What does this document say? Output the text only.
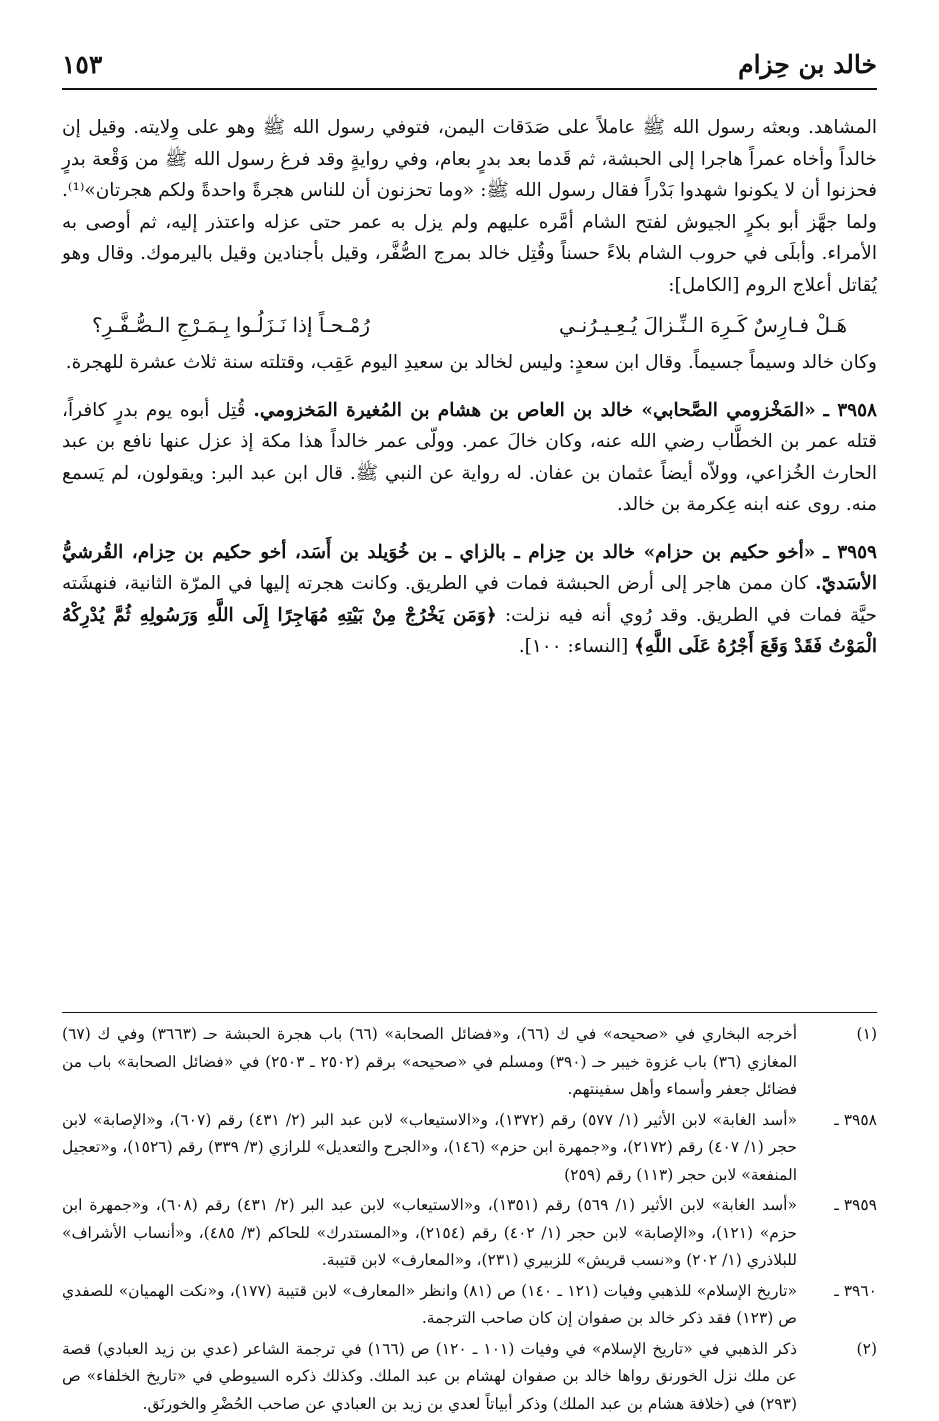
خالد بن حِزام
١٥٣

المشاهد. وبعثه رسول الله ﷺ عاملاً على صَدَقات اليمن، فتوفي رسول الله ﷺ وهو على وِلايته. وقيل إن خالداً وأخاه عمراً هاجرا إلى الحبشة، ثم قَدما بعد بدرٍ بعام، وفي روايةٍ وقد فرغ رسول الله ﷺ من وَقْعة بدرٍ فحزنوا أن لا يكونوا شهدوا بَدْراً فقال رسول الله ﷺ: «وما تحزنون أن للناس هجرةً واحدةً ولكم هجرتان»⁽¹⁾. ولما جهَّز أبو بكرٍ الجيوش لفتح الشام أمَّره عليهم ولم يزل به عمر حتى عزله واعتذر إليه، ثم أوصى به الأمراء. وأبلَى في حروب الشام بلاءً حسناً وقُتِل خالد بمرج الصُّفَّر، وقيل بأجنادين وقيل باليرموك. وقال وهو يُقاتل أعلاج الروم [الكامل]:

هَـلْ فـارِسٌ كَـرِهَ الـنِّـزالَ يُـعِـيـرُنـي
رُمْـحـاً إذا نَـزَلُـوا بِـمَـرْجِ الـصُّـفَّـرِ؟

وكان خالد وسيماً جسيماً. وقال ابن سعدٍ: وليس لخالد بن سعيدِ اليوم عَقِب، وقتلته سنة ثلاث عشرة للهجرة.

٣٩٥٨ ـ «المَخْزومي الصَّحابي» خالد بن العاص بن هشام بن المُغيرة المَخزومي. قُتِل أبوه يوم بدرٍ كافراً، قتله عمر بن الخطَّاب رضي الله عنه، وكان خالَ عمر. وولّى عمر خالداً هذا مكة إذ عزل عنها نافع بن عبد الحارث الخُزاعي، وولاّه أيضاً عثمان بن عفان. له رواية عن النبي ﷺ. قال ابن عبد البر: ويقولون، لم يَسمع منه. روى عنه ابنه عِكرمة بن خالد.

٣٩٥٩ ـ «أخو حكيم بن حزام» خالد بن حِزام ـ بالزاي ـ بن خُوَيلد بن أَسَد، أخو حكيم بن حِزام، القُرشيُّ الأسَديّ. كان ممن هاجر إلى أرض الحبشة فمات في الطريق. وكانت هجرته إليها في المرّة الثانية، فنهشَته حيَّة فمات في الطريق. وقد رُوي أنه فيه نزلت: ﴿وَمَن يَخْرُجْ مِنْ بَيْتِهِ مُهَاجِرًا إِلَى اللَّهِ وَرَسُولِهِ ثُمَّ يُدْرِكْهُ الْمَوْتُ فَقَدْ وَقَعَ أَجْرُهُ عَلَى اللَّهِ﴾ [النساء: ١٠٠].

(١)
أخرجه البخاري في «صحيحه» في ك (٦٦)، و«فضائل الصحابة» (٦٦) باب هجرة الحبشة حـ (٣٦٦٣) وفي ك (٦٧) المغازي (٣٦) باب غزوة خيبر حـ (٣٩٠) ومسلم في «صحيحه» برقم (٢٥٠٢ ـ ٢٥٠٣) في «فضائل الصحابة» باب من فضائل جعفر وأسماء وأهل سفينتهم.
٣٩٥٨ ـ
«أسد الغابة» لابن الأثير (١/ ٥٧٧) رقم (١٣٧٢)، و«الاستيعاب» لابن عبد البر (٢/ ٤٣١) رقم (٦٠٧)، و«الإصابة» لابن حجر (١/ ٤٠٧) رقم (٢١٧٢)، و«جمهرة ابن حزم» (١٤٦)، و«الجرح والتعديل» للرازي (٣/ ٣٣٩) رقم (١٥٢٦)، و«تعجيل المنفعة» لابن حجر (١١٣) رقم (٢٥٩)
٣٩٥٩ ـ
«أسد الغابة» لابن الأثير (١/ ٥٦٩) رقم (١٣٥١)، و«الاستيعاب» لابن عبد البر (٢/ ٤٣١) رقم (٦٠٨)، و«جمهرة ابن حزم» (١٢١)، و«الإصابة» لابن حجر (١/ ٤٠٢) رقم (٢١٥٤)، و«المستدرك» للحاكم (٣/ ٤٨٥)، و«أنساب الأشراف» للبلاذري (١/ ٢٠٢) و«نسب قريش» للزبيري (٢٣١)، و«المعارف» لابن قتيبة.
٣٩٦٠ ـ
«تاريخ الإسلام» للذهبي وفيات (١٢١ ـ ١٤٠) ص (٨١) وانظر «المعارف» لابن قتيبة (١٧٧)، و«نكت الهميان» للصفدي ص (١٢٣) فقد ذكر خالد بن صفوان إن كان صاحب الترجمة.
(٢)
ذكر الذهبي في «تاريخ الإسلام» في وفيات (١٠١ ـ ١٢٠) ص (١٦٦) في ترجمة الشاعر (عدي بن زيد العبادي) قصة عن ملك نزل الخورنق رواها خالد بن صفوان لهشام بن عبد الملك. وكذلك ذكره السيوطي في «تاريخ الخلفاء» ص (٢٩٣) في (خلافة هشام بن عبد الملك) وذكر أبياتاً لعدي بن زيد بن العبادي عن صاحب الحُضْرِ والخورنَق.
